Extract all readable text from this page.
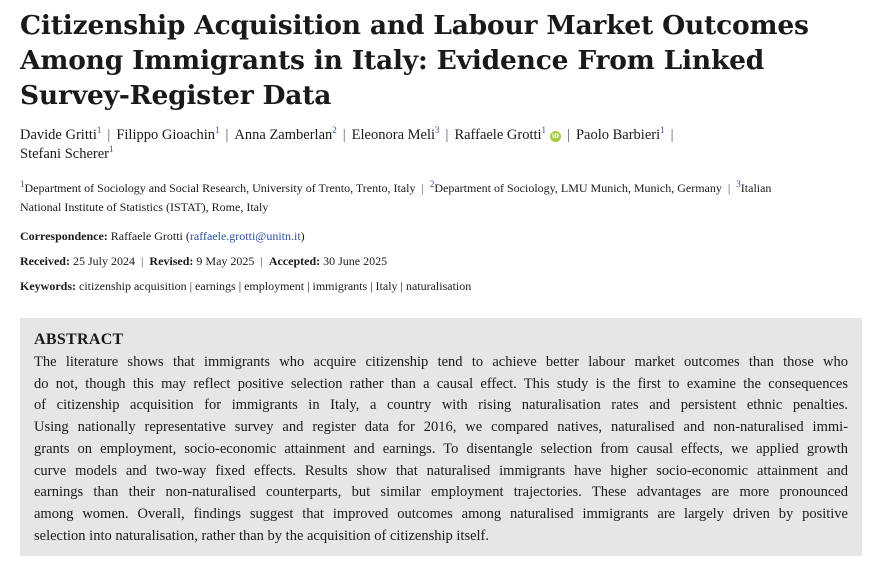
Citizenship Acquisition and Labour Market Outcomes
Among Immigrants in Italy: Evidence From Linked
Survey-Register Data
Davide Gritti$^1$ | Filippo Gioachin$^1$ | Anna Zamberlan$^2$ | Eleonora Meli$^3$ | Raffaele Grotti$^1$iD | Paolo Barbieri$^1$ |
Stefani Scherer$^1$
$^1$Department of Sociology and Social Research, University of Trento, Trento, Italy | $^2$Department of Sociology, LMU Munich, Munich, Germany | $^3$Italian
National Institute of Statistics (ISTAT), Rome, Italy
Correspondence: Raffaele Grotti (raffaele.grotti@unitn.it)
Received: 25 July 2024 | Revised: 9 May 2025 | Accepted: 30 June 2025
Keywords: citizenship acquisition | earnings | employment | immigrants | Italy | naturalisation
ABSTRACT
The literature shows that immigrants who acquire citizenship tend to achieve better labour market outcomes than those who
do not, though this may reflect positive selection rather than a causal effect. This study is the first to examine the consequences
of citizenship acquisition for immigrants in Italy, a country with rising naturalisation rates and persistent ethnic penalties.
Using nationally representative survey and register data for 2016, we compared natives, naturalised and non-naturalised immi-
grants on employment, socio-economic attainment and earnings. To disentangle selection from causal effects, we applied growth
curve models and two-way fixed effects. Results show that naturalised immigrants have higher socio-economic attainment and
earnings than their non-naturalised counterparts, but similar employment trajectories. These advantages are more pronounced
among women. Overall, findings suggest that improved outcomes among naturalised immigrants are largely driven by positive
selection into naturalisation, rather than by the acquisition of citizenship itself.
